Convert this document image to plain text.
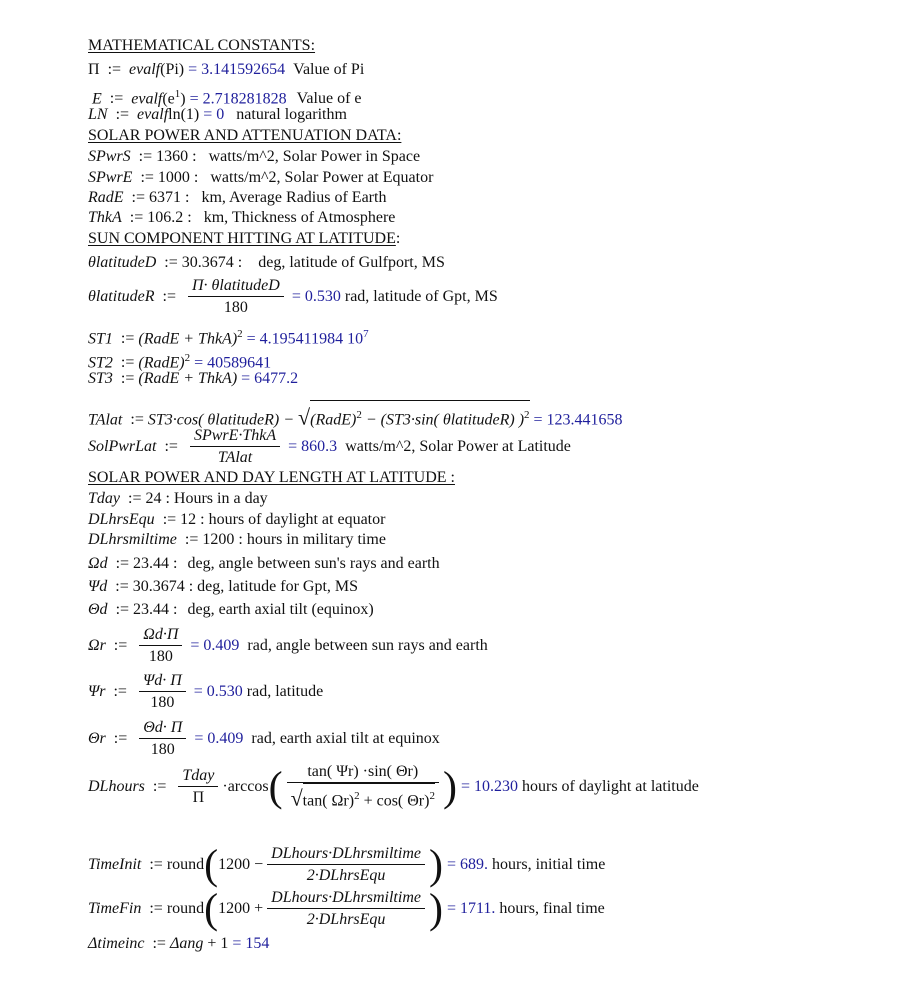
MATHEMATICAL CONSTANTS:
Π := evalf(Pi) = 3.141592654 Value of Pi
E := $evalf(e^1) = 2.718281828$ Value of e
LN := evalfln(1) = 0 natural logarithm
SOLAR POWER AND ATTENUATION DATA:
SPwrS := 1360 : watts/m^2, Solar Power in Space
SPwrE := 1000 : watts/m^2, Solar Power at Equator
RadE := 6371 : km, Average Radius of Earth
ThkA := 106.2 : km, Thickness of Atmosphere
SUN COMPONENT HITTING AT LATITUDE:
θlatitudeD := 30.3674 : deg, latitude of Gulfport, MS
θlatitudeR := $\frac{\text{Π· θlatitudeD}}{180} = 0.530$ rad, latitude of Gpt, MS
ST1 := (RadE + ThkA)$^2$ = 4.195411984 $10^7$
ST2 := (RadE)$^2$ = 40589641
ST3 := (RadE + ThkA) = 6477.2
TAlat := ST3·cos( θlatitudeR) − √(RadE)$^2$ − (ST3·sin( θlatitudeR) )$^2$ = 123.441658
SolPwrLat := $\frac{\text{SPwrE·ThkA}}{\text{TAlat}} = 860.3$ watts/m^2, Solar Power at Latitude
SOLAR POWER AND DAY LENGTH AT LATITUDE :
Tday := 24 : Hours in a day
DLhrsEqu := 12 : hours of daylight at equator
DLhrsmiltime := 1200 : hours in military time
Ωd := 23.44 : deg, angle between sun's rays and earth
Ψd := 30.3674 : deg, latitude for Gpt, MS
Θd := 23.44 : deg, earth axial tilt (equinox)
Ωr := $\frac{\Omega d\cdot\Pi}{180} = 0.409$ rad, angle between sun rays and earth
Ψr := $\frac{\Psi d\cdot \Pi}{180} = 0.530$ rad, latitude
Θr := $\frac{\Theta d\cdot \Pi}{180} = 0.409$ rad, earth axial tilt at equinox
DLhours := $\frac{\text{Tday}}{\Pi} \cdot\arccos( \frac{\tan( \Psi r) \cdot\sin( \Theta r)}{√\tan( \Omega r)^2 + \cos( \Theta r)^2}$ ) = 10.230 hours of daylight at latitude
TimeInit := round(1200 − $\frac{\text{DLhours·DLhrsmiltime}}{\text{2·DLhrsEqu}}$ ) = 689. hours, initial time
TimeFin := round(1200 + $\frac{\text{DLhours·DLhrsmiltime}}{\text{2·DLhrsEqu}}$ ) = 1711. hours, final time
Δtimeinc := Δang + 1 = 154
